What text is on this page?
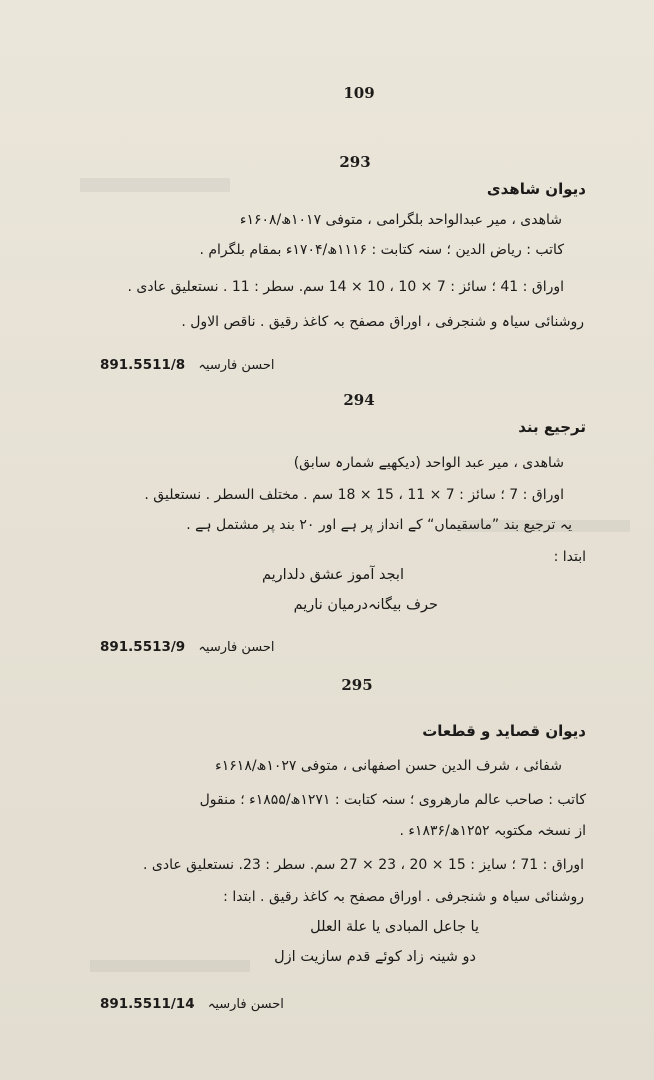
109
293
دیوان شاهدی
شاهدی ، میر عبدالواحد بلگرامی ، متوفی ۱۰۱۷ھ/۱۶۰۸ء
کاتب : ریاض الدین ؛ سنہ کتابت : ۱۱۱۶ھ/۱۷۰۴ء بمقام بلگرام .
اوراق : 41 ؛ سائز : 7 × 10 ، 10 × 14 سم. سطر : 11 . نستعلیق عادی .
روشنائی سیاہ و شنجرفی ، اوراق مصفح بہ کاغذ رقیق . ناقص الاول .
891.5511/8 احسن فارسیہ
294
ترجیع بند
شاهدی ، میر عبد الواحد (دیکھیے شمارہ سابق)
اوراق : 7 ؛ سائز : 7 × 11 ، 15 × 18 سم . مختلف السطر . نستعلیق .
یہ ترجیع بند ”ماسقیماں“ کے انداز پر ہے اور ۲۰ بند پر مشتمل ہے .
ابتدا :
ابجد آموز عشق دلداریم
حرف بیگانہ‌درمیان ناریم
891.5513/9 احسن فارسیہ
295
دیوان قصاید و قطعات
شفائی ، شرف الدین حسن اصفهانی ، متوفی ۱۰۲۷ھ/۱۶۱۸ء
کاتب : صاحب عالم مارهروی ؛ سنہ کتابت : ۱۲۷۱ھ/۱۸۵۵ء ؛ منقول
از نسخہ مکتوبہ ۱۲۵۲ھ/۱۸۳۶ء .
اوراق : 71 ؛ سایز : 15 × 20 ، 23 × 27 سم. سطر : 23. نستعلیق عادی .
روشنائی سیاہ و شنجرفی . اوراق مصفح بہ کاغذ رقیق . ابتدا :
یا جاعل المبادی یا علة العلل
دو شینہ زاد کوئے قدم سازیت ازل
891.5511/14 احسن فارسیہ
